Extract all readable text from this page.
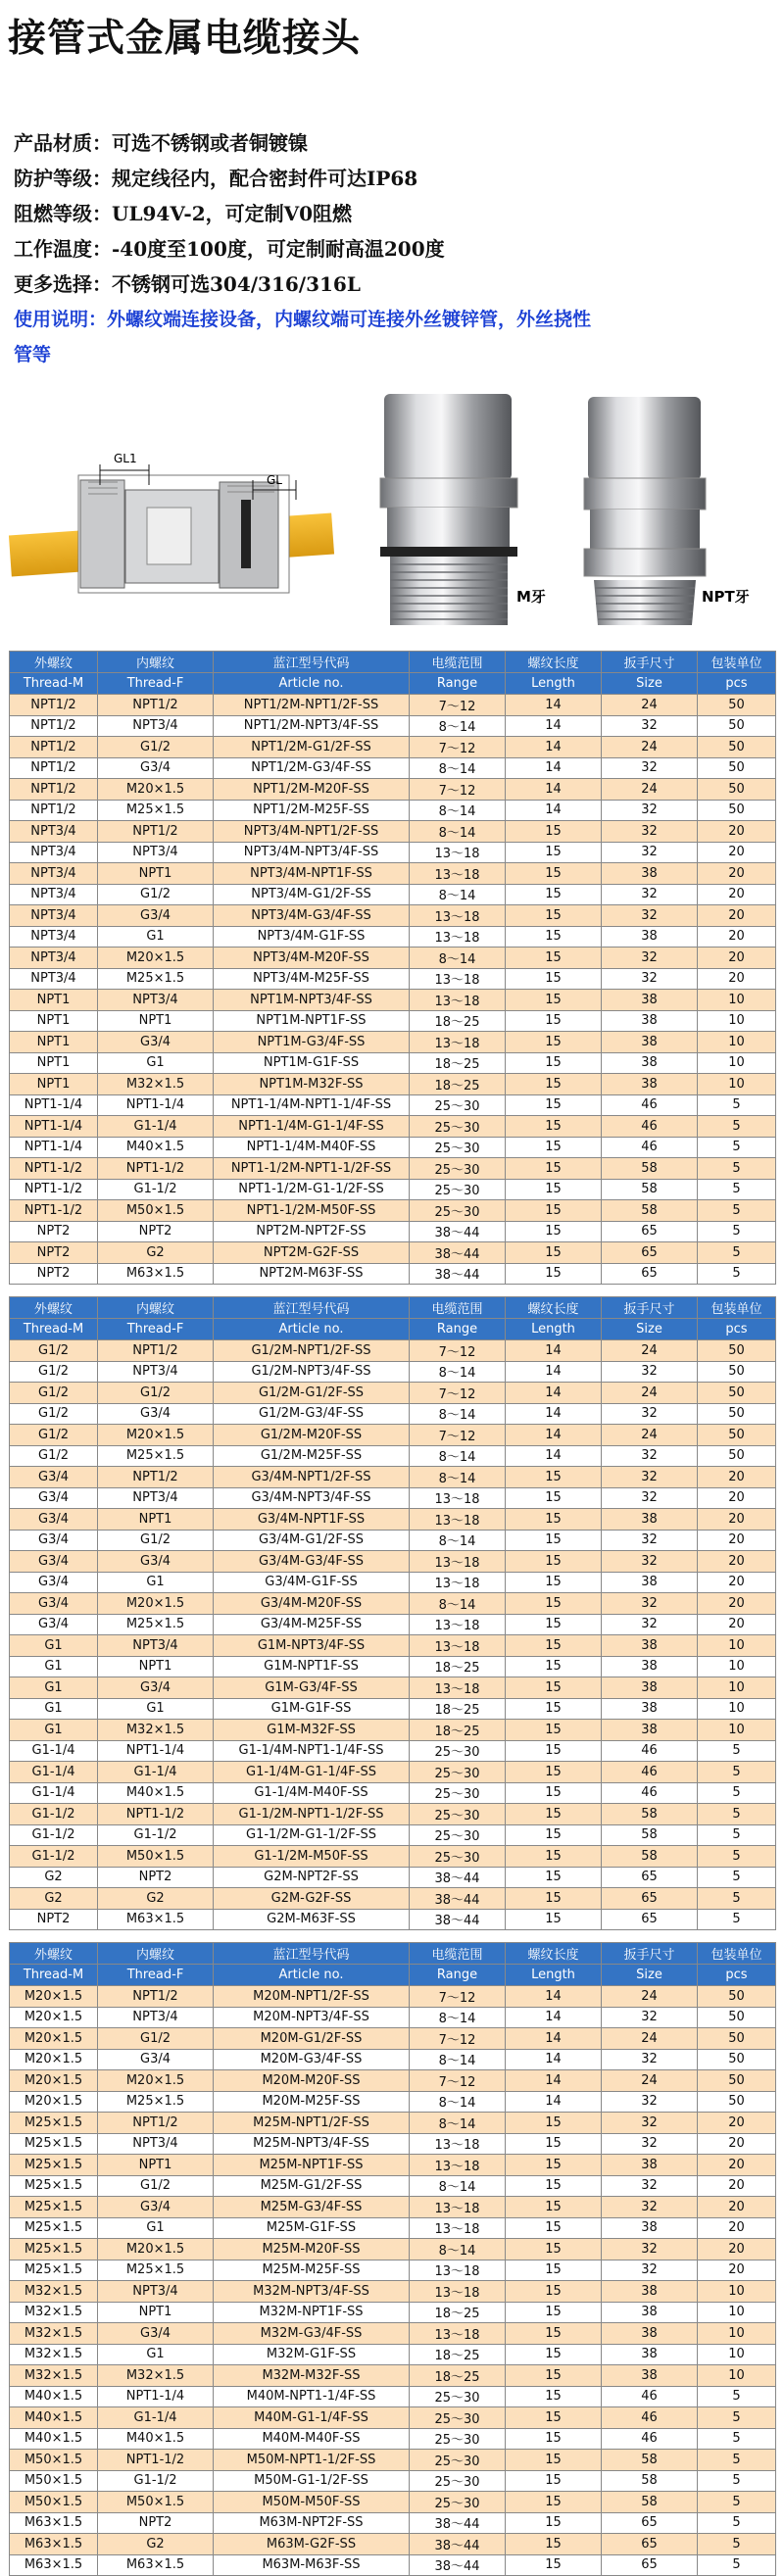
接管式金属电缆接头
产品材质：可选不锈钢或者铜镀镍
防护等级：规定线径内，配合密封件可达IP68
阻燃等级：UL94V-2，可定制V0阻燃
工作温度：-40度至100度，可定制耐高温200度
更多选择：不锈钢可选304/316/316L
使用说明：外螺纹端连接设备，内螺纹端可连接外丝镀锌管，外丝挠性管等
GL1
GL
M牙	NPT牙
外螺纹	内螺纹	蓝江型号代码	电缆范围	螺纹长度	扳手尺寸	包装单位
Thread-M	Thread-F	Article no.	Range	Length	Size	pcs
NPT1/2	NPT1/2	NPT1/2M-NPT1/2F-SS	7～12	14	24	50
NPT1/2	NPT3/4	NPT1/2M-NPT3/4F-SS	8～14	14	32	50
NPT1/2	G1/2	NPT1/2M-G1/2F-SS	7～12	14	24	50
NPT1/2	G3/4	NPT1/2M-G3/4F-SS	8～14	14	32	50
NPT1/2	M20×1.5	NPT1/2M-M20F-SS	7～12	14	24	50
NPT1/2	M25×1.5	NPT1/2M-M25F-SS	8～14	14	32	50
NPT3/4	NPT1/2	NPT3/4M-NPT1/2F-SS	8～14	15	32	20
NPT3/4	NPT3/4	NPT3/4M-NPT3/4F-SS	13～18	15	32	20
NPT3/4	NPT1	NPT3/4M-NPT1F-SS	13～18	15	38	20
NPT3/4	G1/2	NPT3/4M-G1/2F-SS	8～14	15	32	20
NPT3/4	G3/4	NPT3/4M-G3/4F-SS	13～18	15	32	20
NPT3/4	G1	NPT3/4M-G1F-SS	13～18	15	38	20
NPT3/4	M20×1.5	NPT3/4M-M20F-SS	8～14	15	32	20
NPT3/4	M25×1.5	NPT3/4M-M25F-SS	13～18	15	32	20
NPT1	NPT3/4	NPT1M-NPT3/4F-SS	13～18	15	38	10
NPT1	NPT1	NPT1M-NPT1F-SS	18～25	15	38	10
NPT1	G3/4	NPT1M-G3/4F-SS	13～18	15	38	10
NPT1	G1	NPT1M-G1F-SS	18～25	15	38	10
NPT1	M32×1.5	NPT1M-M32F-SS	18～25	15	38	10
NPT1-1/4	NPT1-1/4	NPT1-1/4M-NPT1-1/4F-SS	25～30	15	46	5
NPT1-1/4	G1-1/4	NPT1-1/4M-G1-1/4F-SS	25～30	15	46	5
NPT1-1/4	M40×1.5	NPT1-1/4M-M40F-SS	25～30	15	46	5
NPT1-1/2	NPT1-1/2	NPT1-1/2M-NPT1-1/2F-SS	25～30	15	58	5
NPT1-1/2	G1-1/2	NPT1-1/2M-G1-1/2F-SS	25～30	15	58	5
NPT1-1/2	M50×1.5	NPT1-1/2M-M50F-SS	25～30	15	58	5
NPT2	NPT2	NPT2M-NPT2F-SS	38～44	15	65	5
NPT2	G2	NPT2M-G2F-SS	38～44	15	65	5
NPT2	M63×1.5	NPT2M-M63F-SS	38～44	15	65	5
外螺纹	内螺纹	蓝江型号代码	电缆范围	螺纹长度	扳手尺寸	包装单位
Thread-M	Thread-F	Article no.	Range	Length	Size	pcs
G1/2	NPT1/2	G1/2M-NPT1/2F-SS	7～12	14	24	50
G1/2	NPT3/4	G1/2M-NPT3/4F-SS	8～14	14	32	50
G1/2	G1/2	G1/2M-G1/2F-SS	7～12	14	24	50
G1/2	G3/4	G1/2M-G3/4F-SS	8～14	14	32	50
G1/2	M20×1.5	G1/2M-M20F-SS	7～12	14	24	50
G1/2	M25×1.5	G1/2M-M25F-SS	8～14	14	32	50
G3/4	NPT1/2	G3/4M-NPT1/2F-SS	8～14	15	32	20
G3/4	NPT3/4	G3/4M-NPT3/4F-SS	13～18	15	32	20
G3/4	NPT1	G3/4M-NPT1F-SS	13～18	15	38	20
G3/4	G1/2	G3/4M-G1/2F-SS	8～14	15	32	20
G3/4	G3/4	G3/4M-G3/4F-SS	13～18	15	32	20
G3/4	G1	G3/4M-G1F-SS	13～18	15	38	20
G3/4	M20×1.5	G3/4M-M20F-SS	8～14	15	32	20
G3/4	M25×1.5	G3/4M-M25F-SS	13～18	15	32	20
G1	NPT3/4	G1M-NPT3/4F-SS	13～18	15	38	10
G1	NPT1	G1M-NPT1F-SS	18～25	15	38	10
G1	G3/4	G1M-G3/4F-SS	13～18	15	38	10
G1	G1	G1M-G1F-SS	18～25	15	38	10
G1	M32×1.5	G1M-M32F-SS	18～25	15	38	10
G1-1/4	NPT1-1/4	G1-1/4M-NPT1-1/4F-SS	25～30	15	46	5
G1-1/4	G1-1/4	G1-1/4M-G1-1/4F-SS	25～30	15	46	5
G1-1/4	M40×1.5	G1-1/4M-M40F-SS	25～30	15	46	5
G1-1/2	NPT1-1/2	G1-1/2M-NPT1-1/2F-SS	25～30	15	58	5
G1-1/2	G1-1/2	G1-1/2M-G1-1/2F-SS	25～30	15	58	5
G1-1/2	M50×1.5	G1-1/2M-M50F-SS	25～30	15	58	5
G2	NPT2	G2M-NPT2F-SS	38～44	15	65	5
G2	G2	G2M-G2F-SS	38～44	15	65	5
NPT2	M63×1.5	G2M-M63F-SS	38～44	15	65	5
外螺纹	内螺纹	蓝江型号代码	电缆范围	螺纹长度	扳手尺寸	包装单位
Thread-M	Thread-F	Article no.	Range	Length	Size	pcs
M20×1.5	NPT1/2	M20M-NPT1/2F-SS	7～12	14	24	50
M20×1.5	NPT3/4	M20M-NPT3/4F-SS	8～14	14	32	50
M20×1.5	G1/2	M20M-G1/2F-SS	7～12	14	24	50
M20×1.5	G3/4	M20M-G3/4F-SS	8～14	14	32	50
M20×1.5	M20×1.5	M20M-M20F-SS	7～12	14	24	50
M20×1.5	M25×1.5	M20M-M25F-SS	8～14	14	32	50
M25×1.5	NPT1/2	M25M-NPT1/2F-SS	8～14	15	32	20
M25×1.5	NPT3/4	M25M-NPT3/4F-SS	13～18	15	32	20
M25×1.5	NPT1	M25M-NPT1F-SS	13～18	15	38	20
M25×1.5	G1/2	M25M-G1/2F-SS	8～14	15	32	20
M25×1.5	G3/4	M25M-G3/4F-SS	13～18	15	32	20
M25×1.5	G1	M25M-G1F-SS	13～18	15	38	20
M25×1.5	M20×1.5	M25M-M20F-SS	8～14	15	32	20
M25×1.5	M25×1.5	M25M-M25F-SS	13～18	15	32	20
M32×1.5	NPT3/4	M32M-NPT3/4F-SS	13～18	15	38	10
M32×1.5	NPT1	M32M-NPT1F-SS	18～25	15	38	10
M32×1.5	G3/4	M32M-G3/4F-SS	13～18	15	38	10
M32×1.5	G1	M32M-G1F-SS	18～25	15	38	10
M32×1.5	M32×1.5	M32M-M32F-SS	18～25	15	38	10
M40×1.5	NPT1-1/4	M40M-NPT1-1/4F-SS	25～30	15	46	5
M40×1.5	G1-1/4	M40M-G1-1/4F-SS	25～30	15	46	5
M40×1.5	M40×1.5	M40M-M40F-SS	25～30	15	46	5
M50×1.5	NPT1-1/2	M50M-NPT1-1/2F-SS	25～30	15	58	5
M50×1.5	G1-1/2	M50M-G1-1/2F-SS	25～30	15	58	5
M50×1.5	M50×1.5	M50M-M50F-SS	25～30	15	58	5
M63×1.5	NPT2	M63M-NPT2F-SS	38～44	15	65	5
M63×1.5	G2	M63M-G2F-SS	38～44	15	65	5
M63×1.5	M63×1.5	M63M-M63F-SS	38～44	15	65	5
